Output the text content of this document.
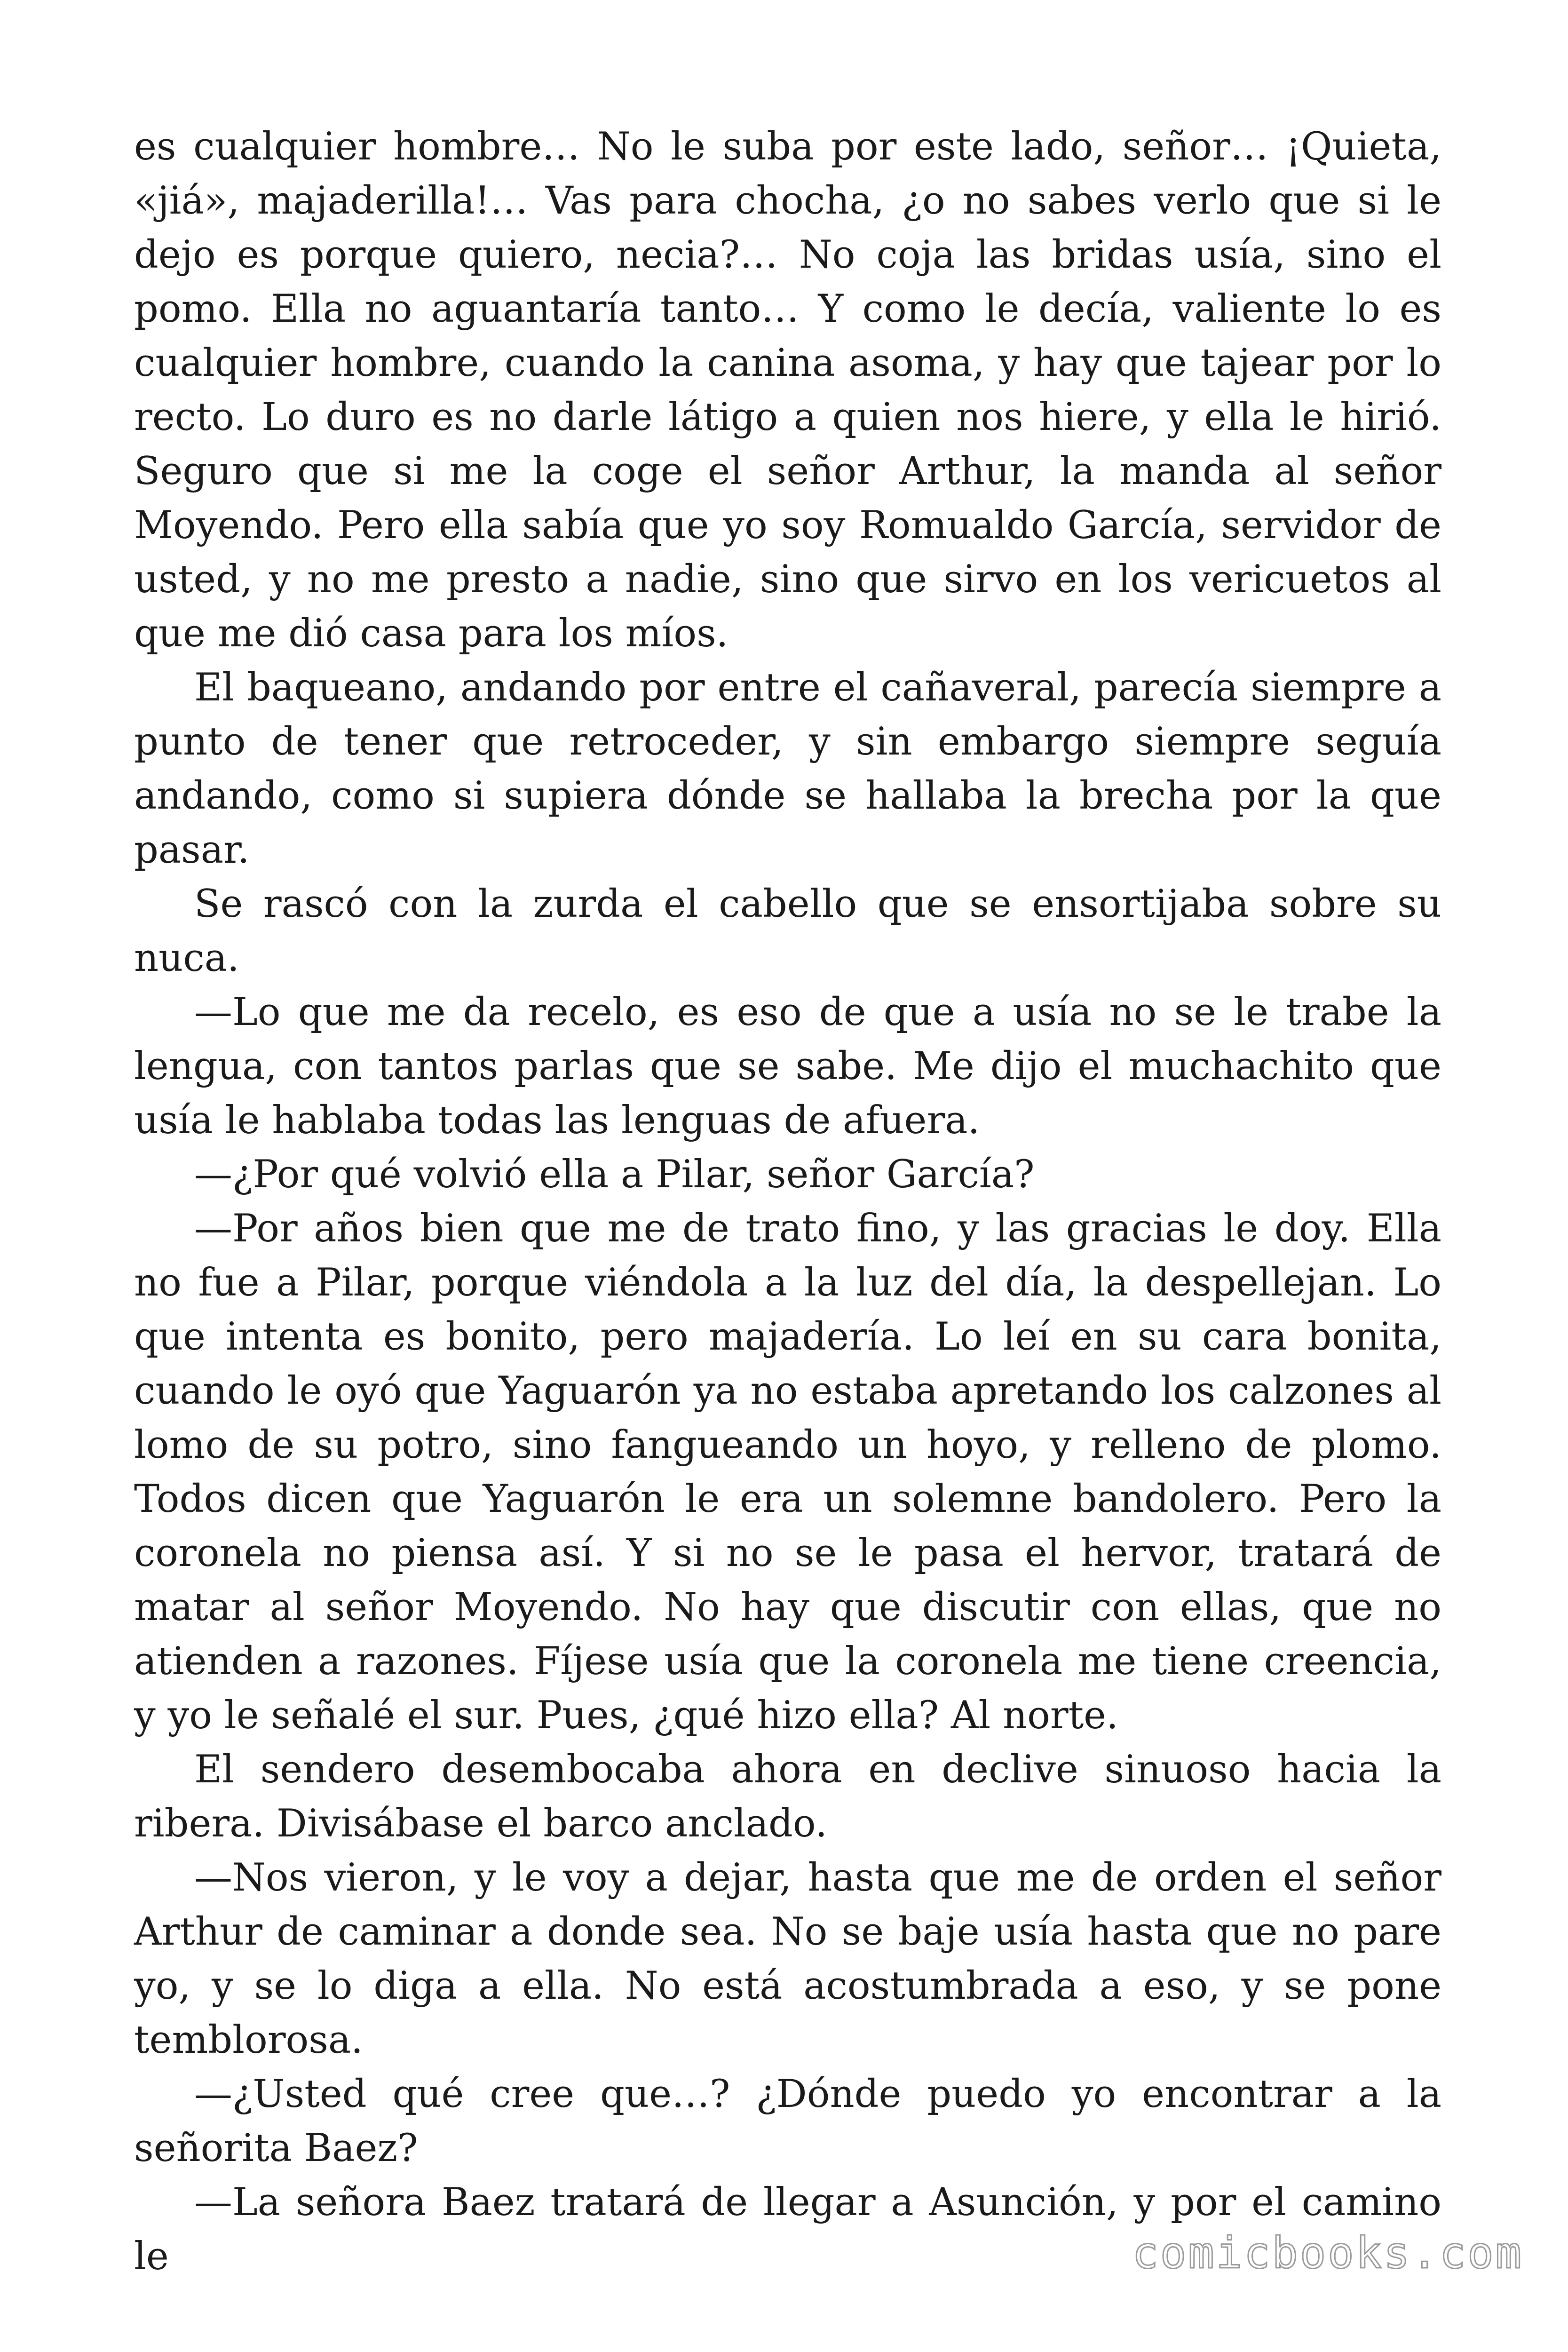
es cualquier hombre… No le suba por este lado, señor… ¡Quieta, «jiá», majaderilla!… Vas para chocha, ¿o no sabes verlo que si le dejo es porque quiero, necia?… No coja las bridas usía, sino el pomo. Ella no aguantaría tanto… Y como le decía, valiente lo es cualquier hombre, cuando la canina asoma, y hay que tajear por lo recto. Lo duro es no darle látigo a quien nos hiere, y ella le hirió. Seguro que si me la coge el señor Arthur, la manda al señor Moyendo. Pero ella sabía que yo soy Romualdo García, servidor de usted, y no me presto a nadie, sino que sirvo en los vericuetos al que me dió casa para los míos.

El baqueano, andando por entre el cañaveral, parecía siempre a punto de tener que retroceder, y sin embargo siempre seguía andando, como si supiera dónde se hallaba la brecha por la que pasar.

Se rascó con la zurda el cabello que se ensortijaba sobre su nuca.

—Lo que me da recelo, es eso de que a usía no se le trabe la lengua, con tantos parlas que se sabe. Me dijo el muchachito que usía le hablaba todas las lenguas de afuera.

—¿Por qué volvió ella a Pilar, señor García?

—Por años bien que me de trato fino, y las gracias le doy. Ella no fue a Pilar, porque viéndola a la luz del día, la despellejan. Lo que intenta es bonito, pero majadería. Lo leí en su cara bonita, cuando le oyó que Yaguarón ya no estaba apretando los calzones al lomo de su potro, sino fangueando un hoyo, y relleno de plomo. Todos dicen que Yaguarón le era un solemne bandolero. Pero la coronela no piensa así. Y si no se le pasa el hervor, tratará de matar al señor Moyendo. No hay que discutir con ellas, que no atienden a razones. Fíjese usía que la coronela me tiene creencia, y yo le señalé el sur. Pues, ¿qué hizo ella? Al norte.

El sendero desembocaba ahora en declive sinuoso hacia la ribera. Divisábase el barco anclado.

—Nos vieron, y le voy a dejar, hasta que me de orden el señor Arthur de caminar a donde sea. No se baje usía hasta que no pare yo, y se lo diga a ella. No está acostumbrada a eso, y se pone temblorosa.

—¿Usted qué cree que…? ¿Dónde puedo yo encontrar a la señorita Baez?

—La señora Baez tratará de llegar a Asunción, y por el camino le	comicbooks.com
